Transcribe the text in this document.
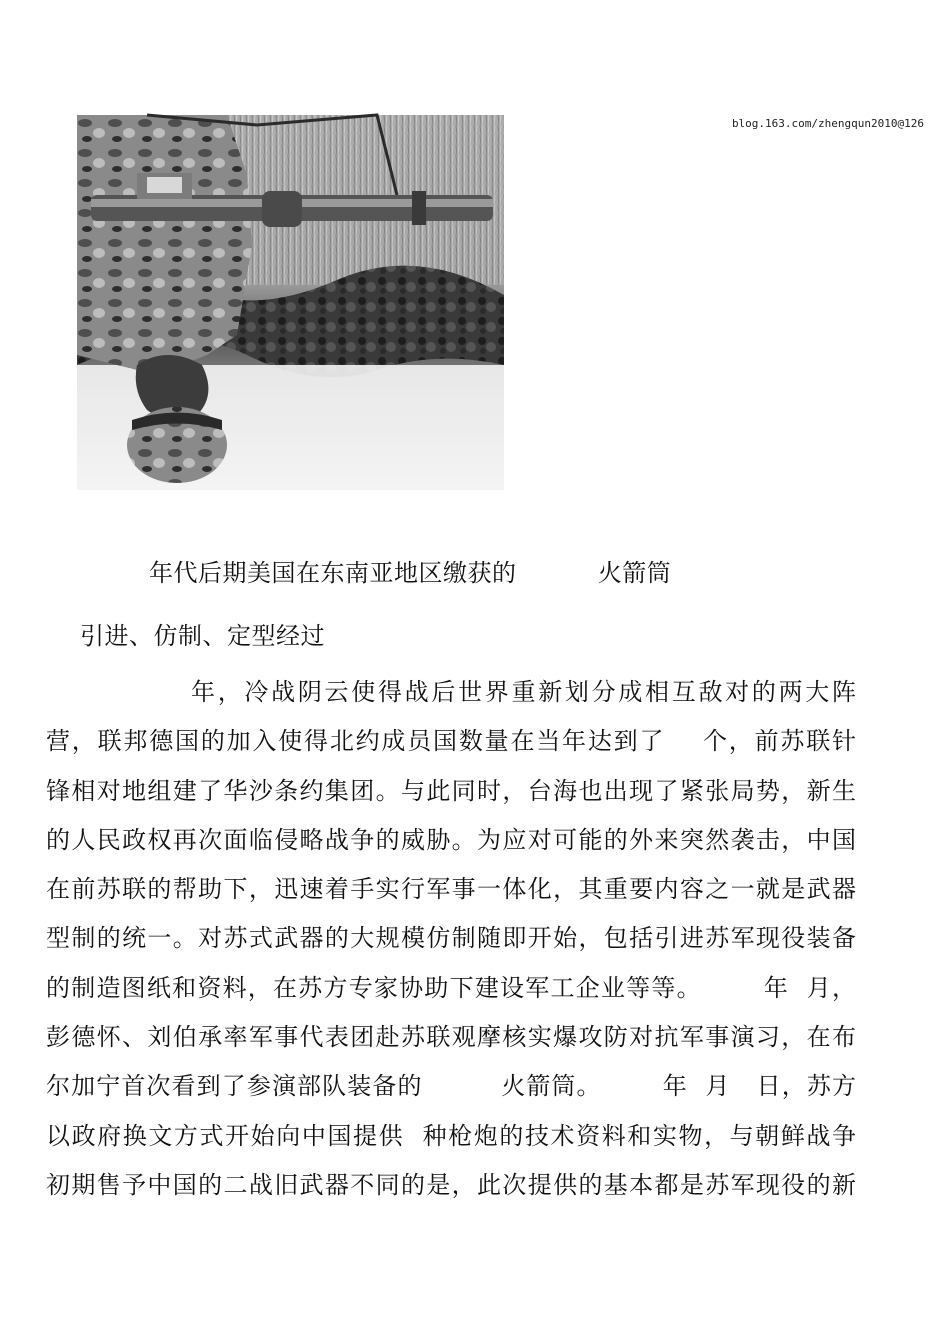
blog.163.com/zhengqun2010@126
年代后期美国在东南亚地区缴获的          火箭筒
引进、仿制、定型经过
年，冷战阴云使得战后世界重新划分成相互敌对的两大阵
营，联邦德国的加入使得北约成员国数量在当年达到了    个，前苏联针
锋相对地组建了华沙条约集团。与此同时，台海也出现了紧张局势，新生
的人民政权再次面临侵略战争的威胁。为应对可能的外来突然袭击，中国
在前苏联的帮助下，迅速着手实行军事一体化，其重要内容之一就是武器
型制的统一。对苏式武器的大规模仿制随即开始，包括引进苏军现役装备
的制造图纸和资料，在苏方专家协助下建设军工企业等等。       年  月，
彭德怀、刘伯承率军事代表团赴苏联观摩核实爆攻防对抗军事演习，在布
尔加宁首次看到了参演部队装备的         火箭筒。       年  月   日，苏方
以政府换文方式开始向中国提供  种枪炮的技术资料和实物，与朝鲜战争
初期售予中国的二战旧武器不同的是，此次提供的基本都是苏军现役的新
